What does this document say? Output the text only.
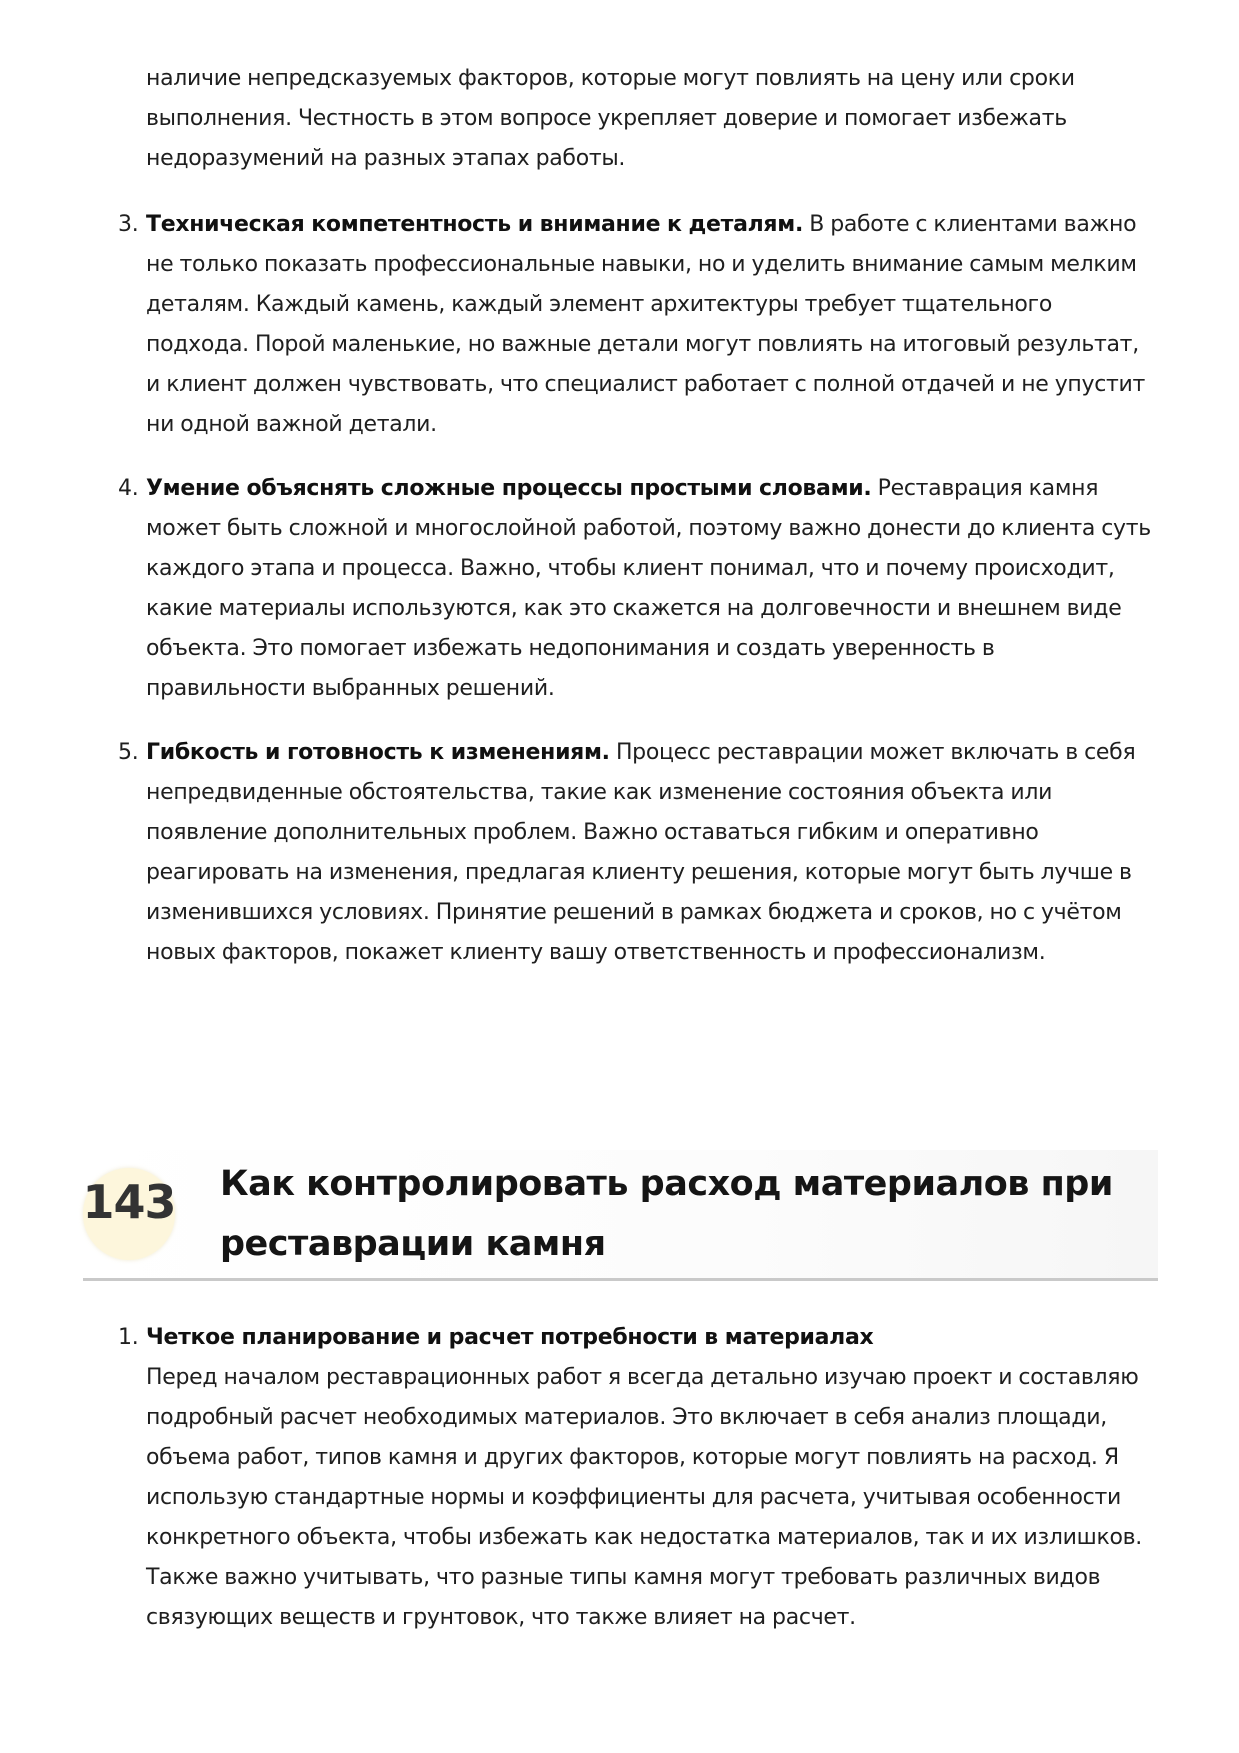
наличие непредсказуемых факторов, которые могут повлиять на цену или сроки выполнения. Честность в этом вопросе укрепляет доверие и помогает избежать недоразумений на разных этапах работы.

3. Техническая компетентность и внимание к деталям. В работе с клиентами важно не только показать профессиональные навыки, но и уделить внимание самым мелким деталям. Каждый камень, каждый элемент архитектуры требует тщательного подхода. Порой маленькие, но важные детали могут повлиять на итоговый результат, и клиент должен чувствовать, что специалист работает с полной отдачей и не упустит ни одной важной детали.

4. Умение объяснять сложные процессы простыми словами. Реставрация камня может быть сложной и многослойной работой, поэтому важно донести до клиента суть каждого этапа и процесса. Важно, чтобы клиент понимал, что и почему происходит, какие материалы используются, как это скажется на долговечности и внешнем виде объекта. Это помогает избежать недопонимания и создать уверенность в правильности выбранных решений.

5. Гибкость и готовность к изменениям. Процесс реставрации может включать в себя непредвиденные обстоятельства, такие как изменение состояния объекта или появление дополнительных проблем. Важно оставаться гибким и оперативно реагировать на изменения, предлагая клиенту решения, которые могут быть лучше в изменившихся условиях. Принятие решений в рамках бюджета и сроков, но с учётом новых факторов, покажет клиенту вашу ответственность и профессионализм.

143 Как контролировать расход материалов при реставрации камня
1. Четкое планирование и расчет потребности в материалах
Перед началом реставрационных работ я всегда детально изучаю проект и составляю подробный расчет необходимых материалов. Это включает в себя анализ площади, объема работ, типов камня и других факторов, которые могут повлиять на расход. Я использую стандартные нормы и коэффициенты для расчета, учитывая особенности конкретного объекта, чтобы избежать как недостатка материалов, так и их излишков. Также важно учитывать, что разные типы камня могут требовать различных видов связующих веществ и грунтовок, что также влияет на расчет.
